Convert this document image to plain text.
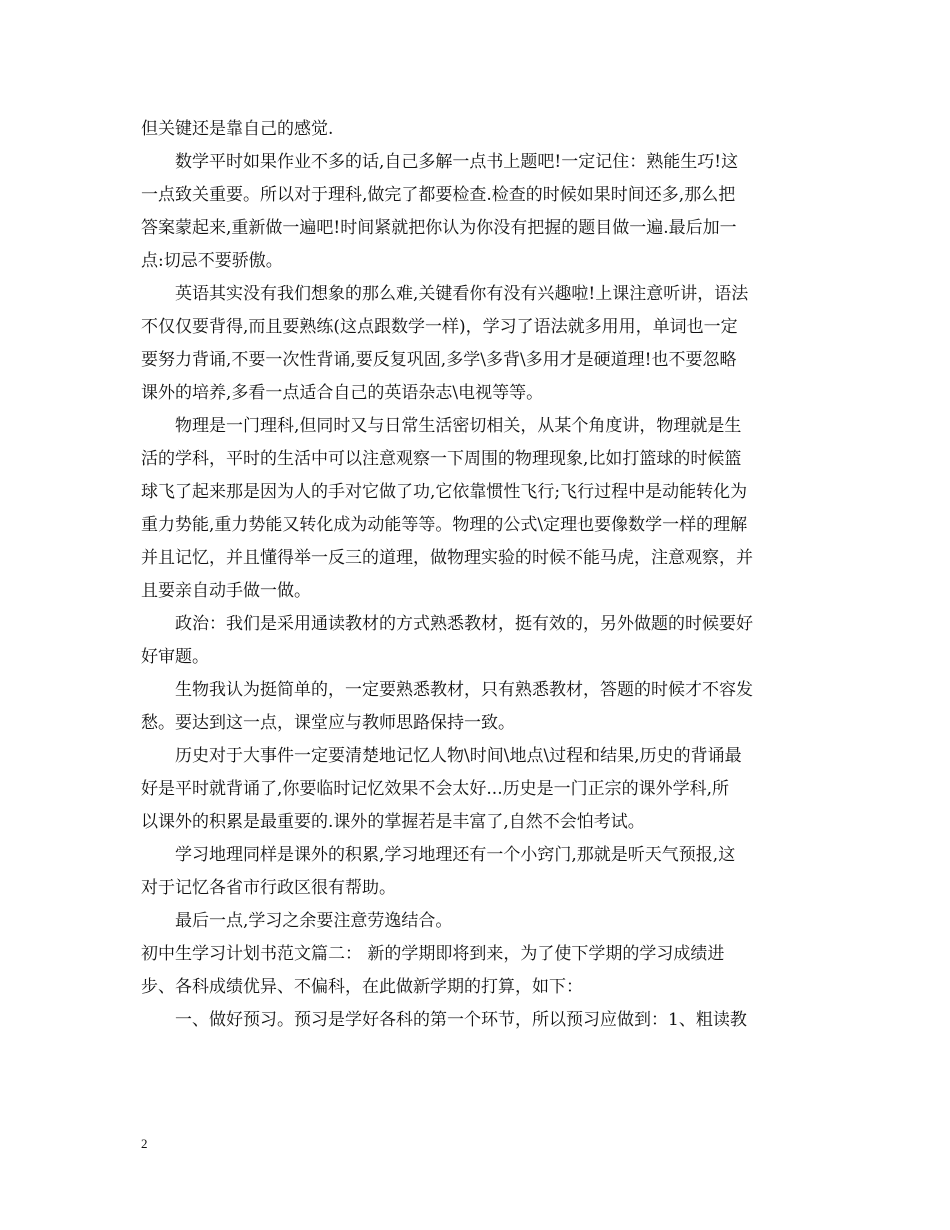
但关键还是靠自己的感觉.
数学平时如果作业不多的话,自己多解一点书上题吧!一定记住：熟能生巧!这
一点致关重要。所以对于理科,做完了都要检查.检查的时候如果时间还多,那么把
答案蒙起来,重新做一遍吧!时间紧就把你认为你没有把握的题目做一遍.最后加一
点:切忌不要骄傲。
英语其实没有我们想象的那么难,关键看你有没有兴趣啦!上课注意听讲，语法
不仅仅要背得,而且要熟练(这点跟数学一样)，学习了语法就多用用，单词也一定
要努力背诵,不要一次性背诵,要反复巩固,多学\多背\多用才是硬道理!也不要忽略
课外的培养,多看一点适合自己的英语杂志\电视等等。
物理是一门理科,但同时又与日常生活密切相关，从某个角度讲，物理就是生
活的学科，平时的生活中可以注意观察一下周围的物理现象,比如打篮球的时候篮
球飞了起来那是因为人的手对它做了功,它依靠惯性飞行;飞行过程中是动能转化为
重力势能,重力势能又转化成为动能等等。物理的公式\定理也要像数学一样的理解
并且记忆，并且懂得举一反三的道理，做物理实验的时候不能马虎，注意观察，并
且要亲自动手做一做。
政治：我们是采用通读教材的方式熟悉教材，挺有效的，另外做题的时候要好
好审题。
生物我认为挺简单的，一定要熟悉教材，只有熟悉教材，答题的时候才不容发
愁。要达到这一点，课堂应与教师思路保持一致。
历史对于大事件一定要清楚地记忆人物\时间\地点\过程和结果,历史的背诵最
好是平时就背诵了,你要临时记忆效果不会太好...历史是一门正宗的课外学科,所
以课外的积累是最重要的.课外的掌握若是丰富了,自然不会怕考试。
学习地理同样是课外的积累,学习地理还有一个小窍门,那就是听天气预报,这
对于记忆各省市行政区很有帮助。
最后一点,学习之余要注意劳逸结合。
初中生学习计划书范文篇二： 新的学期即将到来，为了使下学期的学习成绩进
步、各科成绩优异、不偏科，在此做新学期的打算，如下：
一、做好预习。预习是学好各科的第一个环节，所以预习应做到：1、粗读教
2
